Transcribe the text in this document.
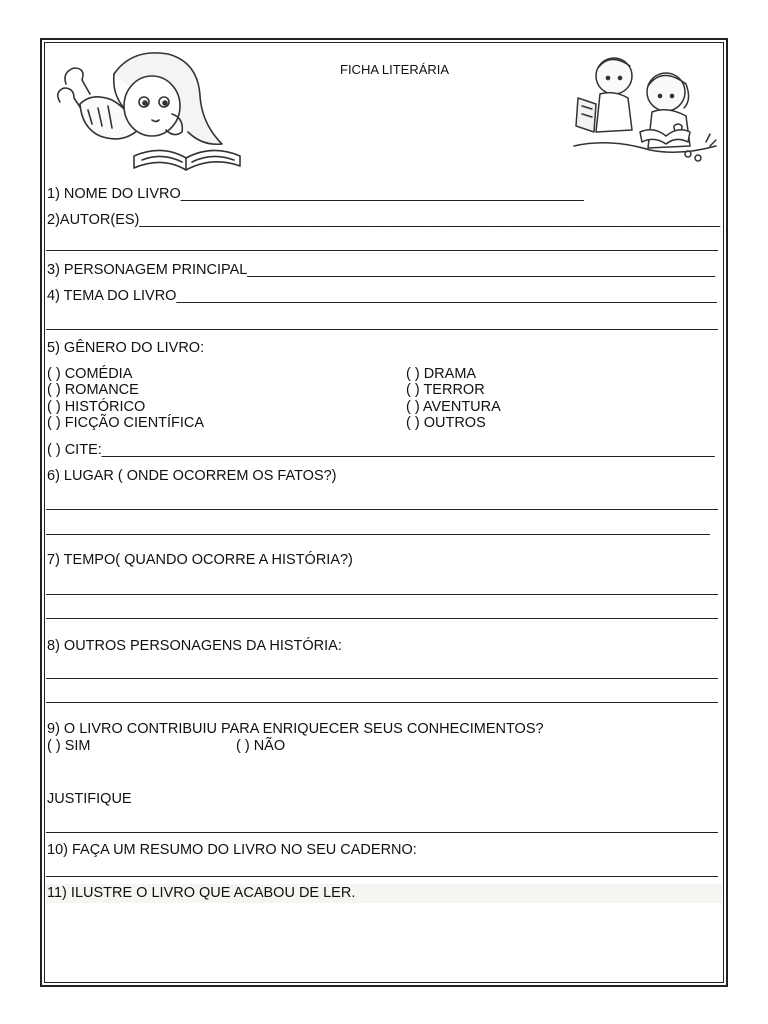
FICHA LITERÁRIA
1) NOME DO LIVRO__________________________________________________
2)AUTOR(ES)________________________________________________________________________
3) PERSONAGEM PRINCIPAL__________________________________________________________
4) TEMA DO LIVRO___________________________________________________________________
5) GÊNERO DO LIVRO:
( ) COMÉDIA
( ) ROMANCE
( ) HISTÓRICO
( ) FICÇÃO CIENTÍFICA
( ) DRAMA
( ) TERROR
( ) AVENTURA
( ) OUTROS
( ) CITE:____________________________________________________________________________
6) LUGAR ( ONDE OCORREM OS FATOS?)
7) TEMPO( QUANDO OCORRE A HISTÓRIA?)
8) OUTROS PERSONAGENS DA HISTÓRIA:
9) O LIVRO CONTRIBUIU PARA ENRIQUECER SEUS CONHECIMENTOS?
( ) SIM	( ) NÃO
JUSTIFIQUE
10) FAÇA UM RESUMO DO LIVRO NO SEU CADERNO:
11) ILUSTRE O LIVRO QUE ACABOU DE LER.
